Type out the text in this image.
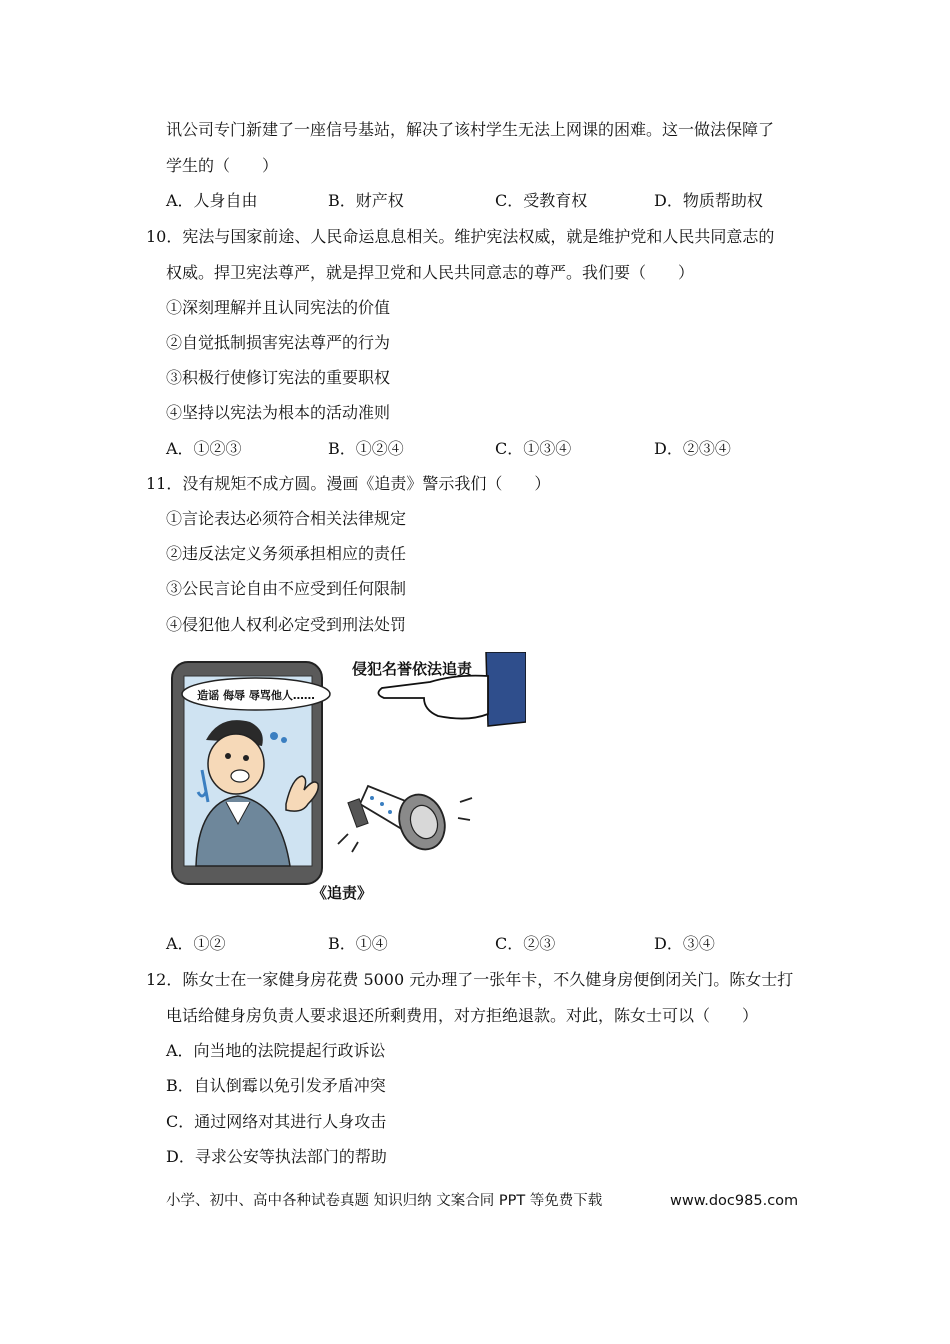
讯公司专门新建了一座信号基站，解决了该村学生无法上网课的困难。这一做法保障了
学生的（　　）
A．人身自由	B．财产权	C．受教育权	D．物质帮助权
10．宪法与国家前途、人民命运息息相关。维护宪法权威，就是维护党和人民共同意志的
权威。捍卫宪法尊严，就是捍卫党和人民共同意志的尊严。我们要（　　）
①深刻理解并且认同宪法的价值
②自觉抵制损害宪法尊严的行为
③积极行使修订宪法的重要职权
④坚持以宪法为根本的活动准则
A．①②③	B．①②④	C．①③④	D．②③④
11．没有规矩不成方圆。漫画《追责》警示我们（　　）
①言论表达必须符合相关法律规定
②违反法定义务须承担相应的责任
③公民言论自由不应受到任何限制
④侵犯他人权利必定受到刑法处罚
造谣 侮辱 辱骂他人……
侵犯名誉依法追责
《追责》
A．①②	B．①④	C．②③	D．③④
12．陈女士在一家健身房花费 5000 元办理了一张年卡，不久健身房便倒闭关门。陈女士打
电话给健身房负责人要求退还所剩费用，对方拒绝退款。对此，陈女士可以（　　）
A．向当地的法院提起行政诉讼
B．自认倒霉以免引发矛盾冲突
C．通过网络对其进行人身攻击
D．寻求公安等执法部门的帮助
小学、初中、高中各种试卷真题 知识归纳 文案合同 PPT 等免费下载	www.doc985.com
